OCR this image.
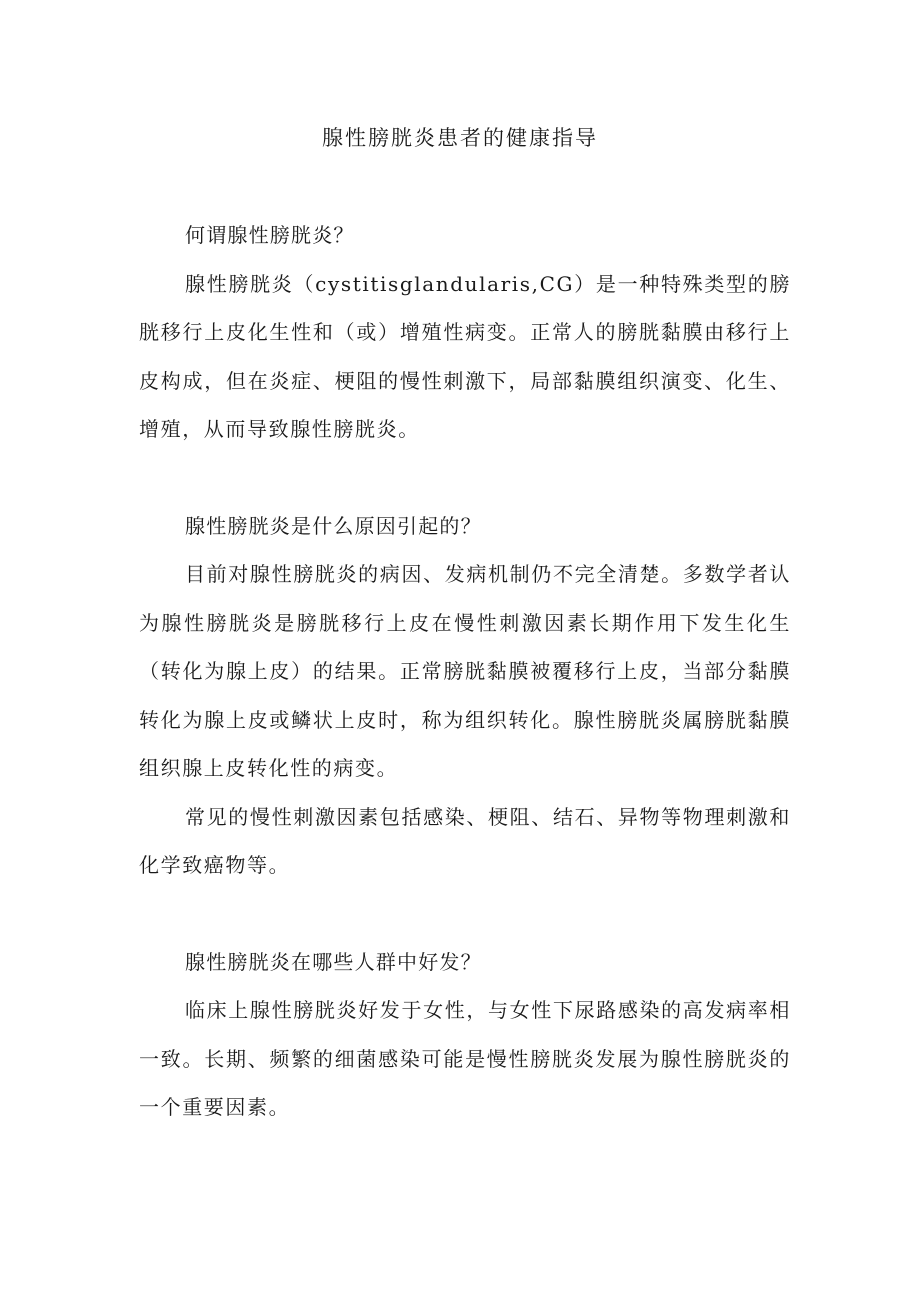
腺性膀胱炎患者的健康指导

何谓腺性膀胱炎？

腺性膀胱炎（cystitisglandularis,CG）是一种特殊类型的膀胱移行上皮化生性和（或）增殖性病变。正常人的膀胱黏膜由移行上皮构成，但在炎症、梗阻的慢性刺激下，局部黏膜组织演变、化生、增殖，从而导致腺性膀胱炎。

腺性膀胱炎是什么原因引起的？

目前对腺性膀胱炎的病因、发病机制仍不完全清楚。多数学者认为腺性膀胱炎是膀胱移行上皮在慢性刺激因素长期作用下发生化生（转化为腺上皮）的结果。正常膀胱黏膜被覆移行上皮，当部分黏膜转化为腺上皮或鳞状上皮时，称为组织转化。腺性膀胱炎属膀胱黏膜组织腺上皮转化性的病变。

常见的慢性刺激因素包括感染、梗阻、结石、异物等物理刺激和化学致癌物等。

腺性膀胱炎在哪些人群中好发？

临床上腺性膀胱炎好发于女性，与女性下尿路感染的高发病率相一致。长期、频繁的细菌感染可能是慢性膀胱炎发展为腺性膀胱炎的一个重要因素。
